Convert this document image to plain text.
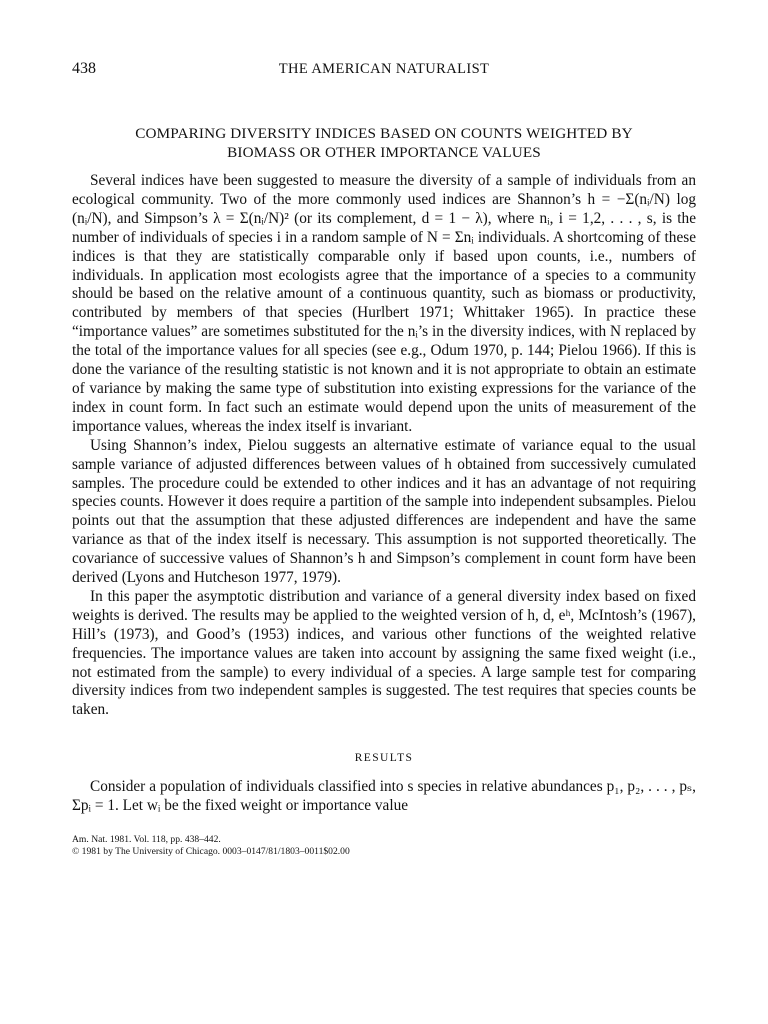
438	THE AMERICAN NATURALIST
COMPARING DIVERSITY INDICES BASED ON COUNTS WEIGHTED BY
BIOMASS OR OTHER IMPORTANCE VALUES

Several indices have been suggested to measure the diversity of a sample of individuals from an ecological community. Two of the more commonly used indices are Shannon’s h = −Σ(nᵢ/N) log (nᵢ/N), and Simpson’s λ = Σ(nᵢ/N)² (or its complement, d = 1 − λ), where nᵢ, i = 1,2, . . . , s, is the number of individuals of species i in a random sample of N = Σnᵢ individuals. A shortcoming of these indices is that they are statistically comparable only if based upon counts, i.e., numbers of individuals. In application most ecologists agree that the importance of a species to a community should be based on the relative amount of a continuous quantity, such as biomass or productivity, contributed by members of that species (Hurlbert 1971; Whittaker 1965). In practice these “importance values” are sometimes substituted for the nᵢ’s in the diversity indices, with N replaced by the total of the importance values for all species (see e.g., Odum 1970, p. 144; Pielou 1966). If this is done the variance of the resulting statistic is not known and it is not appropriate to obtain an estimate of variance by making the same type of substitution into existing expressions for the variance of the index in count form. In fact such an estimate would depend upon the units of measurement of the importance values, whereas the index itself is invariant.

Using Shannon’s index, Pielou suggests an alternative estimate of variance equal to the usual sample variance of adjusted differences between values of h obtained from successively cumulated samples. The procedure could be extended to other indices and it has an advantage of not requiring species counts. However it does require a partition of the sample into independent subsamples. Pielou points out that the assumption that these adjusted differences are independent and have the same variance as that of the index itself is necessary. This assumption is not supported theoretically. The covariance of successive values of Shannon’s h and Simpson’s complement in count form have been derived (Lyons and Hutcheson 1977, 1979).

In this paper the asymptotic distribution and variance of a general diversity index based on fixed weights is derived. The results may be applied to the weighted version of h, d, eʰ, McIntosh’s (1967), Hill’s (1973), and Good’s (1953) indices, and various other functions of the weighted relative frequencies. The importance values are taken into account by assigning the same fixed weight (i.e., not estimated from the sample) to every individual of a species. A large sample test for comparing diversity indices from two independent samples is suggested. The test requires that species counts be taken.

RESULTS

Consider a population of individuals classified into s species in relative abundances p₁, p₂, . . . , pₛ, Σpᵢ = 1. Let wᵢ be the fixed weight or importance value

Am. Nat. 1981. Vol. 118, pp. 438–442.
© 1981 by The University of Chicago. 0003–0147/81/1803–0011$02.00
